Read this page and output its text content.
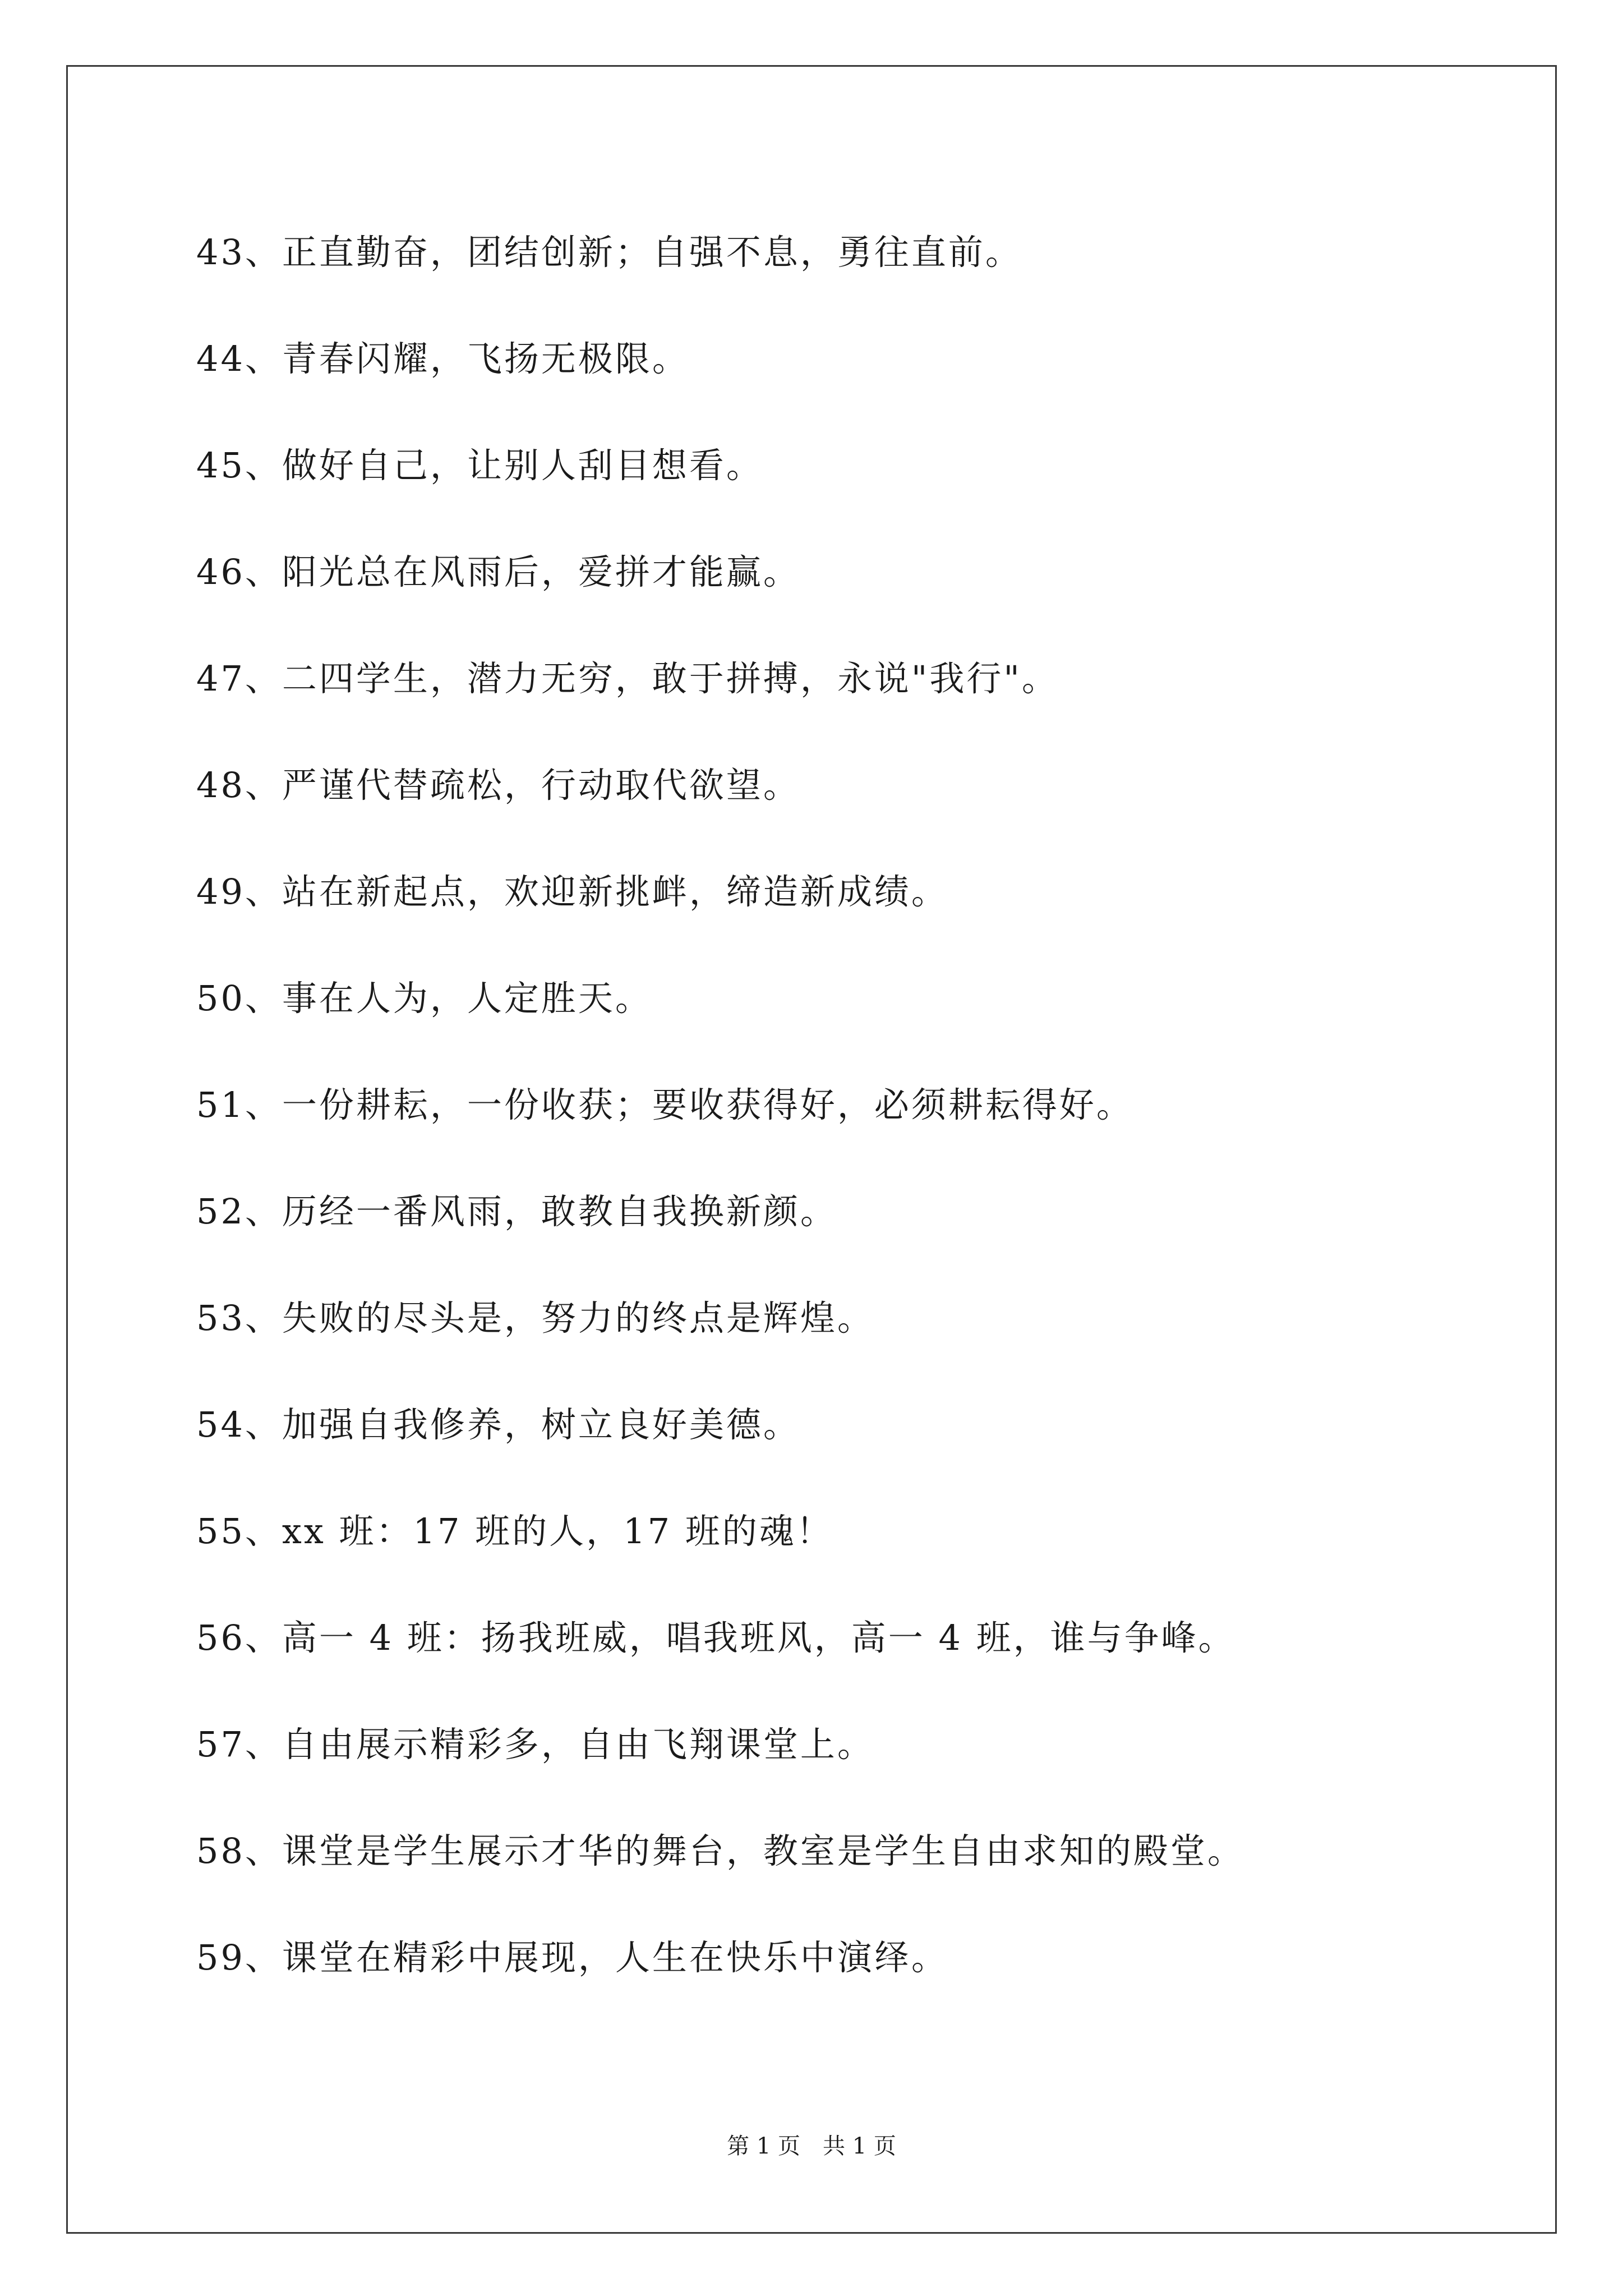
43、正直勤奋，团结创新；自强不息，勇往直前。
44、青春闪耀，飞扬无极限。
45、做好自己，让别人刮目想看。
46、阳光总在风雨后，爱拼才能赢。
47、二四学生，潜力无穷，敢于拼搏，永说"我行"。
48、严谨代替疏松，行动取代欲望。
49、站在新起点，欢迎新挑衅，缔造新成绩。
50、事在人为，人定胜天。
51、一份耕耘，一份收获；要收获得好，必须耕耘得好。
52、历经一番风雨，敢教自我换新颜。
53、失败的尽头是，努力的终点是辉煌。
54、加强自我修养，树立良好美德。
55、xx 班：17 班的人，17 班的魂！
56、高一 4 班：扬我班威，唱我班风，高一 4 班，谁与争峰。
57、自由展示精彩多，自由飞翔课堂上。
58、课堂是学生展示才华的舞台，教室是学生自由求知的殿堂。
59、课堂在精彩中展现，人生在快乐中演绎。
第 1 页　共 1 页
